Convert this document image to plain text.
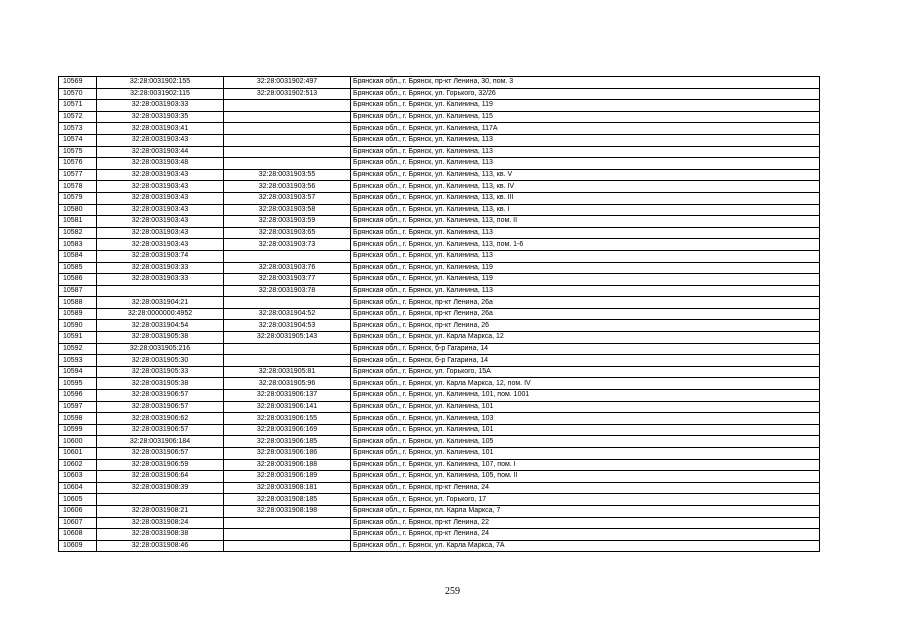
10569	32:28:0031902:155	32:28:0031902:497	Брянская обл., г. Брянск, пр-кт Ленина, 30, пом. 3
10570	32:28:0031902:115	32:28:0031902:513	Брянская обл., г. Брянск, ул. Горького, 32/26
10571	32:28:0031903:33		Брянская обл., г. Брянск, ул. Калинина, 119
10572	32:28:0031903:35		Брянская обл., г. Брянск, ул. Калинина, 115
10573	32:28:0031903:41		Брянская обл., г. Брянск, ул. Калинина, 117А
10574	32:28:0031903:43		Брянская обл., г. Брянск, ул. Калинина, 113
10575	32:28:0031903:44		Брянская обл., г. Брянск, ул. Калинина, 113
10576	32:28:0031903:48		Брянская обл., г. Брянск, ул. Калинина, 113
10577	32:28:0031903:43	32:28:0031903:55	Брянская обл., г. Брянск, ул. Калинина, 113, кв. V
10578	32:28:0031903:43	32:28:0031903:56	Брянская обл., г. Брянск, ул. Калинина, 113, кв. IV
10579	32:28:0031903:43	32:28:0031903:57	Брянская обл., г. Брянск, ул. Калинина, 113, кв. III
10580	32:28:0031903:43	32:28:0031903:58	Брянская обл., г. Брянск, ул. Калинина, 113, кв. I
10581	32:28:0031903:43	32:28:0031903:59	Брянская обл., г. Брянск, ул. Калинина, 113, пом. II
10582	32:28:0031903:43	32:28:0031903:65	Брянская обл., г. Брянск, ул. Калинина, 113
10583	32:28:0031903:43	32:28:0031903:73	Брянская обл., г. Брянск, ул. Калинина, 113, пом. 1-6
10584	32:28:0031903:74		Брянская обл., г. Брянск, ул. Калинина, 113
10585	32:28:0031903:33	32:28:0031903:76	Брянская обл., г. Брянск, ул. Калинина, 119
10586	32:28:0031903:33	32:28:0031903:77	Брянская обл., г. Брянск, ул. Калинина, 119
10587		32:28:0031903:78	Брянская обл., г. Брянск, ул. Калинина, 113
10588	32:28:0031904:21		Брянская обл., г. Брянск, пр-кт Ленина, 26а
10589	32:28:0000000:4952	32:28:0031904:52	Брянская обл., г. Брянск, пр-кт Ленина, 26а
10590	32:28:0031904:54	32:28:0031904:53	Брянская обл., г. Брянск, пр-кт Ленина, 26
10591	32:28:0031905:38	32:28:0031905:143	Брянская обл., г. Брянск, ул. Карла Маркса, 12
10592	32:28:0031905:216		Брянская обл., г. Брянск, б-р Гагарина, 14
10593	32:28:0031905:30		Брянская обл., г. Брянск, б-р Гагарина, 14
10594	32:28:0031905:33	32:28:0031905:81	Брянская обл., г. Брянск, ул. Горького, 15А
10595	32:28:0031905:38	32:28:0031905:96	Брянская обл., г. Брянск, ул. Карла Маркса, 12, пом. IV
10596	32:28:0031906:57	32:28:0031906:137	Брянская обл., г. Брянск, ул. Калинина, 101, пом. 1001
10597	32:28:0031906:57	32:28:0031906:141	Брянская обл., г. Брянск, ул. Калинина, 101
10598	32:28:0031906:62	32:28:0031906:155	Брянская обл., г. Брянск, ул. Калинина, 103
10599	32:28:0031906:57	32:28:0031906:169	Брянская обл., г. Брянск, ул. Калинина, 101
10600	32:28:0031906:184	32:28:0031906:185	Брянская обл., г. Брянск, ул. Калинина, 105
10601	32:28:0031906:57	32:28:0031906:186	Брянская обл., г. Брянск, ул. Калинина, 101
10602	32:28:0031906:59	32:28:0031906:188	Брянская обл., г. Брянск, ул. Калинина, 107, пом. I
10603	32:28:0031906:64	32:28:0031906:189	Брянская обл., г. Брянск, ул. Калинина, 105, пом. II
10604	32:28:0031908:39	32:28:0031908:181	Брянская обл., г. Брянск, пр-кт Ленина, 24
10605		32:28:0031908:185	Брянская обл., г. Брянск, ул. Горького, 17
10606	32:28:0031908:21	32:28:0031908:198	Брянская обл., г. Брянск, пл. Карла Маркса, 7
10607	32:28:0031908:24		Брянская обл., г. Брянск, пр-кт Ленина, 22
10608	32:28:0031908:38		Брянская обл., г. Брянск, пр-кт Ленина, 24
10609	32:28:0031908:46		Брянская обл., г. Брянск, ул. Карла Маркса, 7А
259
